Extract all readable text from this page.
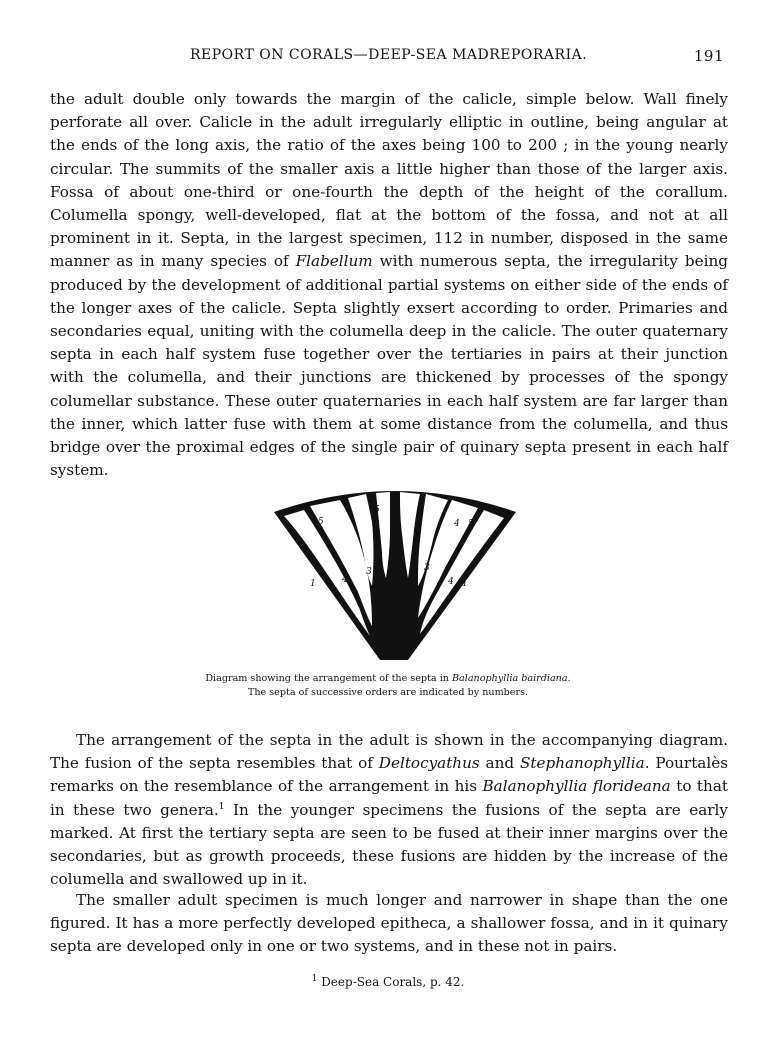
REPORT ON CORALS—DEEP-SEA MADREPORARIA.	191

the adult double only towards the margin of the calicle, simple below. Wall finely perforate all over. Calicle in the adult irregularly elliptic in outline, being angular at the ends of the long axis, the ratio of the axes being 100 to 200 ; in the young nearly circular. The summits of the smaller axis a little higher than those of the larger axis. Fossa of about one-third or one-fourth the depth of the height of the corallum. Columella spongy, well-developed, flat at the bottom of the fossa, and not at all prominent in it. Septa, in the largest specimen, 112 in number, disposed in the same manner as in many species of Flabellum with numerous septa, the irregularity being produced by the development of additional partial systems on either side of the ends of the longer axes of the calicle. Septa slightly exsert according to order. Primaries and secondaries equal, uniting with the columella deep in the calicle. The outer quaternary septa in each half system fuse together over the tertiaries in pairs at their junction with the columella, and their junctions are thickened by processes of the spongy columellar substance. These outer quaternaries in each half system are far larger than the inner, which latter fuse with them at some distance from the columella, and thus bridge over the proximal edges of the single pair of quinary septa present in each half system.

1	4
5
3
5
2
5
4 3
4 5
4 1

Diagram showing the arrangement of the septa in Balanophyllia bairdiana.

The septa of successive orders are indicated by numbers.

The arrangement of the septa in the adult is shown in the accompanying diagram. The fusion of the septa resembles that of Deltocyathus and Stephanophyllia. Pourtalès remarks on the resemblance of the arrangement in his Balanophyllia floridеana to that in these two genera.$^1$ In the younger specimens the fusions of the septa are early marked. At first the tertiary septa are seen to be fused at their inner margins over the secondaries, but as growth proceeds, these fusions are hidden by the increase of the columella and swallowed up in it.

The smaller adult specimen is much longer and narrower in shape than the one figured. It has a more perfectly developed epitheca, a shallower fossa, and in it quinary septa are developed only in one or two systems, and in these not in pairs.

$^1$ Deep-Sea Corals, p. 42.
